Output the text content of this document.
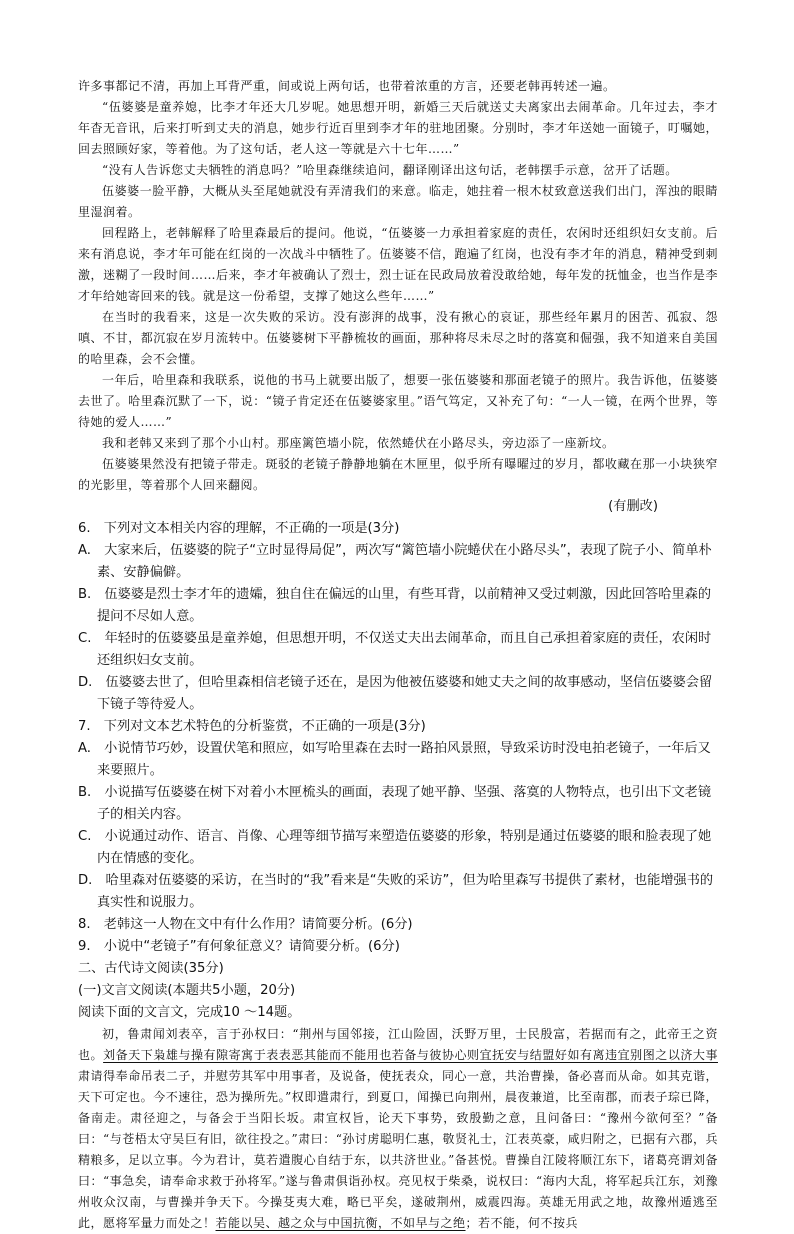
许多事都记不清，再加上耳背严重，间或说上两句话，也带着浓重的方言，还要老韩再转述一遍。

“伍婆婆是童养媳，比李才年还大几岁呢。她思想开明，新婚三天后就送丈夫离家出去闹革命。几年过去，李才年杳无音讯，后来打听到丈夫的消息，她步行近百里到李才年的驻地团聚。分别时，李才年送她一面镜子，叮嘱她，回去照顾好家，等着他。为了这句话，老人这一等就是六十七年……”

“没有人告诉您丈夫牺牲的消息吗？”哈里森继续追问，翻译刚译出这句话，老韩摆手示意，岔开了话题。

伍婆婆一脸平静，大概从头至尾她就没有弄清我们的来意。临走，她拄着一根木杖致意送我们出门，浑浊的眼睛里湿润着。

回程路上，老韩解释了哈里森最后的提问。他说，“伍婆婆一力承担着家庭的责任，农闲时还组织妇女支前。后来有消息说，李才年可能在红岗的一次战斗中牺牲了。伍婆婆不信，跑遍了红岗，也没有李才年的消息，精神受到刺激，迷糊了一段时间……后来，李才年被确认了烈士，烈士证在民政局放着没敢给她，每年发的抚恤金，也当作是李才年给她寄回来的钱。就是这一份希望，支撑了她这么些年……”

在当时的我看来，这是一次失败的采访。没有澎湃的战事，没有揪心的哀证，那些经年累月的困苦、孤寂、怨嗔、不甘，都沉寂在岁月流转中。伍婆婆树下平静梳妆的画面，那种将尽未尽之时的落寞和倔强，我不知道来自美国的哈里森，会不会懂。

一年后，哈里森和我联系，说他的书马上就要出版了，想要一张伍婆婆和那面老镜子的照片。我告诉他，伍婆婆去世了。哈里森沉默了一下，说：“镜子肯定还在伍婆婆家里。”语气笃定，又补充了句：“一人一镜，在两个世界，等待她的爱人……”

我和老韩又来到了那个小山村。那座篱笆墙小院，依然蜷伏在小路尽头，旁边添了一座新坟。

伍婆婆果然没有把镜子带走。斑驳的老镜子静静地躺在木匣里，似乎所有曝曜过的岁月，都收藏在那一小块狭窄的光影里，等着那个人回来翻阅。

(有删改)

6.　下列对文本相关内容的理解，不正确的一项是(3分)

A.　大家来后，伍婆婆的院子“立时显得局促”，两次写“篱笆墙小院蜷伏在小路尽头”，表现了院子小、简单朴素、安静偏僻。

B.　伍婆婆是烈士李才年的遗孀，独自住在偏远的山里，有些耳背，以前精神又受过刺激，因此回答哈里森的提问不尽如人意。

C.　年轻时的伍婆婆虽是童养媳，但思想开明，不仅送丈夫出去闹革命，而且自己承担着家庭的责任，农闲时还组织妇女支前。

D.　伍婆婆去世了，但哈里森相信老镜子还在，是因为他被伍婆婆和她丈夫之间的故事感动，坚信伍婆婆会留下镜子等待爱人。

7.　下列对文本艺术特色的分析鉴赏，不正确的一项是(3分)

A.　小说情节巧妙，设置伏笔和照应，如写哈里森在去时一路拍风景照，导致采访时没电拍老镜子，一年后又来要照片。

B.　小说描写伍婆婆在树下对着小木匣梳头的画面，表现了她平静、坚强、落寞的人物特点，也引出下文老镜子的相关内容。

C.　小说通过动作、语言、肖像、心理等细节描写来塑造伍婆婆的形象，特别是通过伍婆婆的眼和脸表现了她内在情感的变化。

D.　哈里森对伍婆婆的采访，在当时的“我”看来是“失败的采访”，但为哈里森写书提供了素材，也能增强书的真实性和说服力。

8.　老韩这一人物在文中有什么作用？请简要分析。(6分)

9.　小说中“老镜子”有何象征意义？请简要分析。(6分)

二、古代诗文阅读(35分)

(一)文言文阅读(本题共5小题，20分)

阅读下面的文言文，完成10 ～14题。

初，鲁肃闻刘表卒，言于孙权曰：“荆州与国邻接，江山险固，沃野万里，士民殷富，若据而有之，此帝王之资也。刘备天下枭雄与操有隙寄寓于表表恶其能而不能用也若备与彼协心则宜抚安与结盟好如有离违宜别图之以济大事肃请得奉命吊表二子，并慰劳其军中用事者，及说备，使抚表众，同心一意，共治曹操，备必喜而从命。如其克谐，天下可定也。今不速往，恐为操所先。”权即遣肃行，到夏口，闻操已向荆州，晨夜兼道，比至南郡，而表子琮已降，备南走。肃径迎之，与备会于当阳长坂。肃宣权旨，论天下事势，致殷勤之意，且问备曰：“豫州今欲何至？”备曰：“与苍梧太守吴巨有旧，欲往投之。”肃曰：“孙讨虏聪明仁惠，敬贤礼士，江表英豪，咸归附之，已据有六郡，兵精粮多，足以立事。今为君计，莫若遣腹心自结于东，以共济世业。”备甚悦。曹操自江陵将顺江东下，诸葛亮谓刘备曰：“事急矣，请奉命求救于孙将军。”遂与鲁肃俱诣孙权。亮见权于柴桑，说权曰：“海内大乱，将军起兵江东，刘豫州收众汉南，与曹操并争天下。今操芟夷大难，略已平矣，遂破荆州，威震四海。英雄无用武之地，故豫州遁逃至此，愿将军量力而处之！若能以吴、越之众与中国抗衡，不如早与之绝；若不能，何不按兵
